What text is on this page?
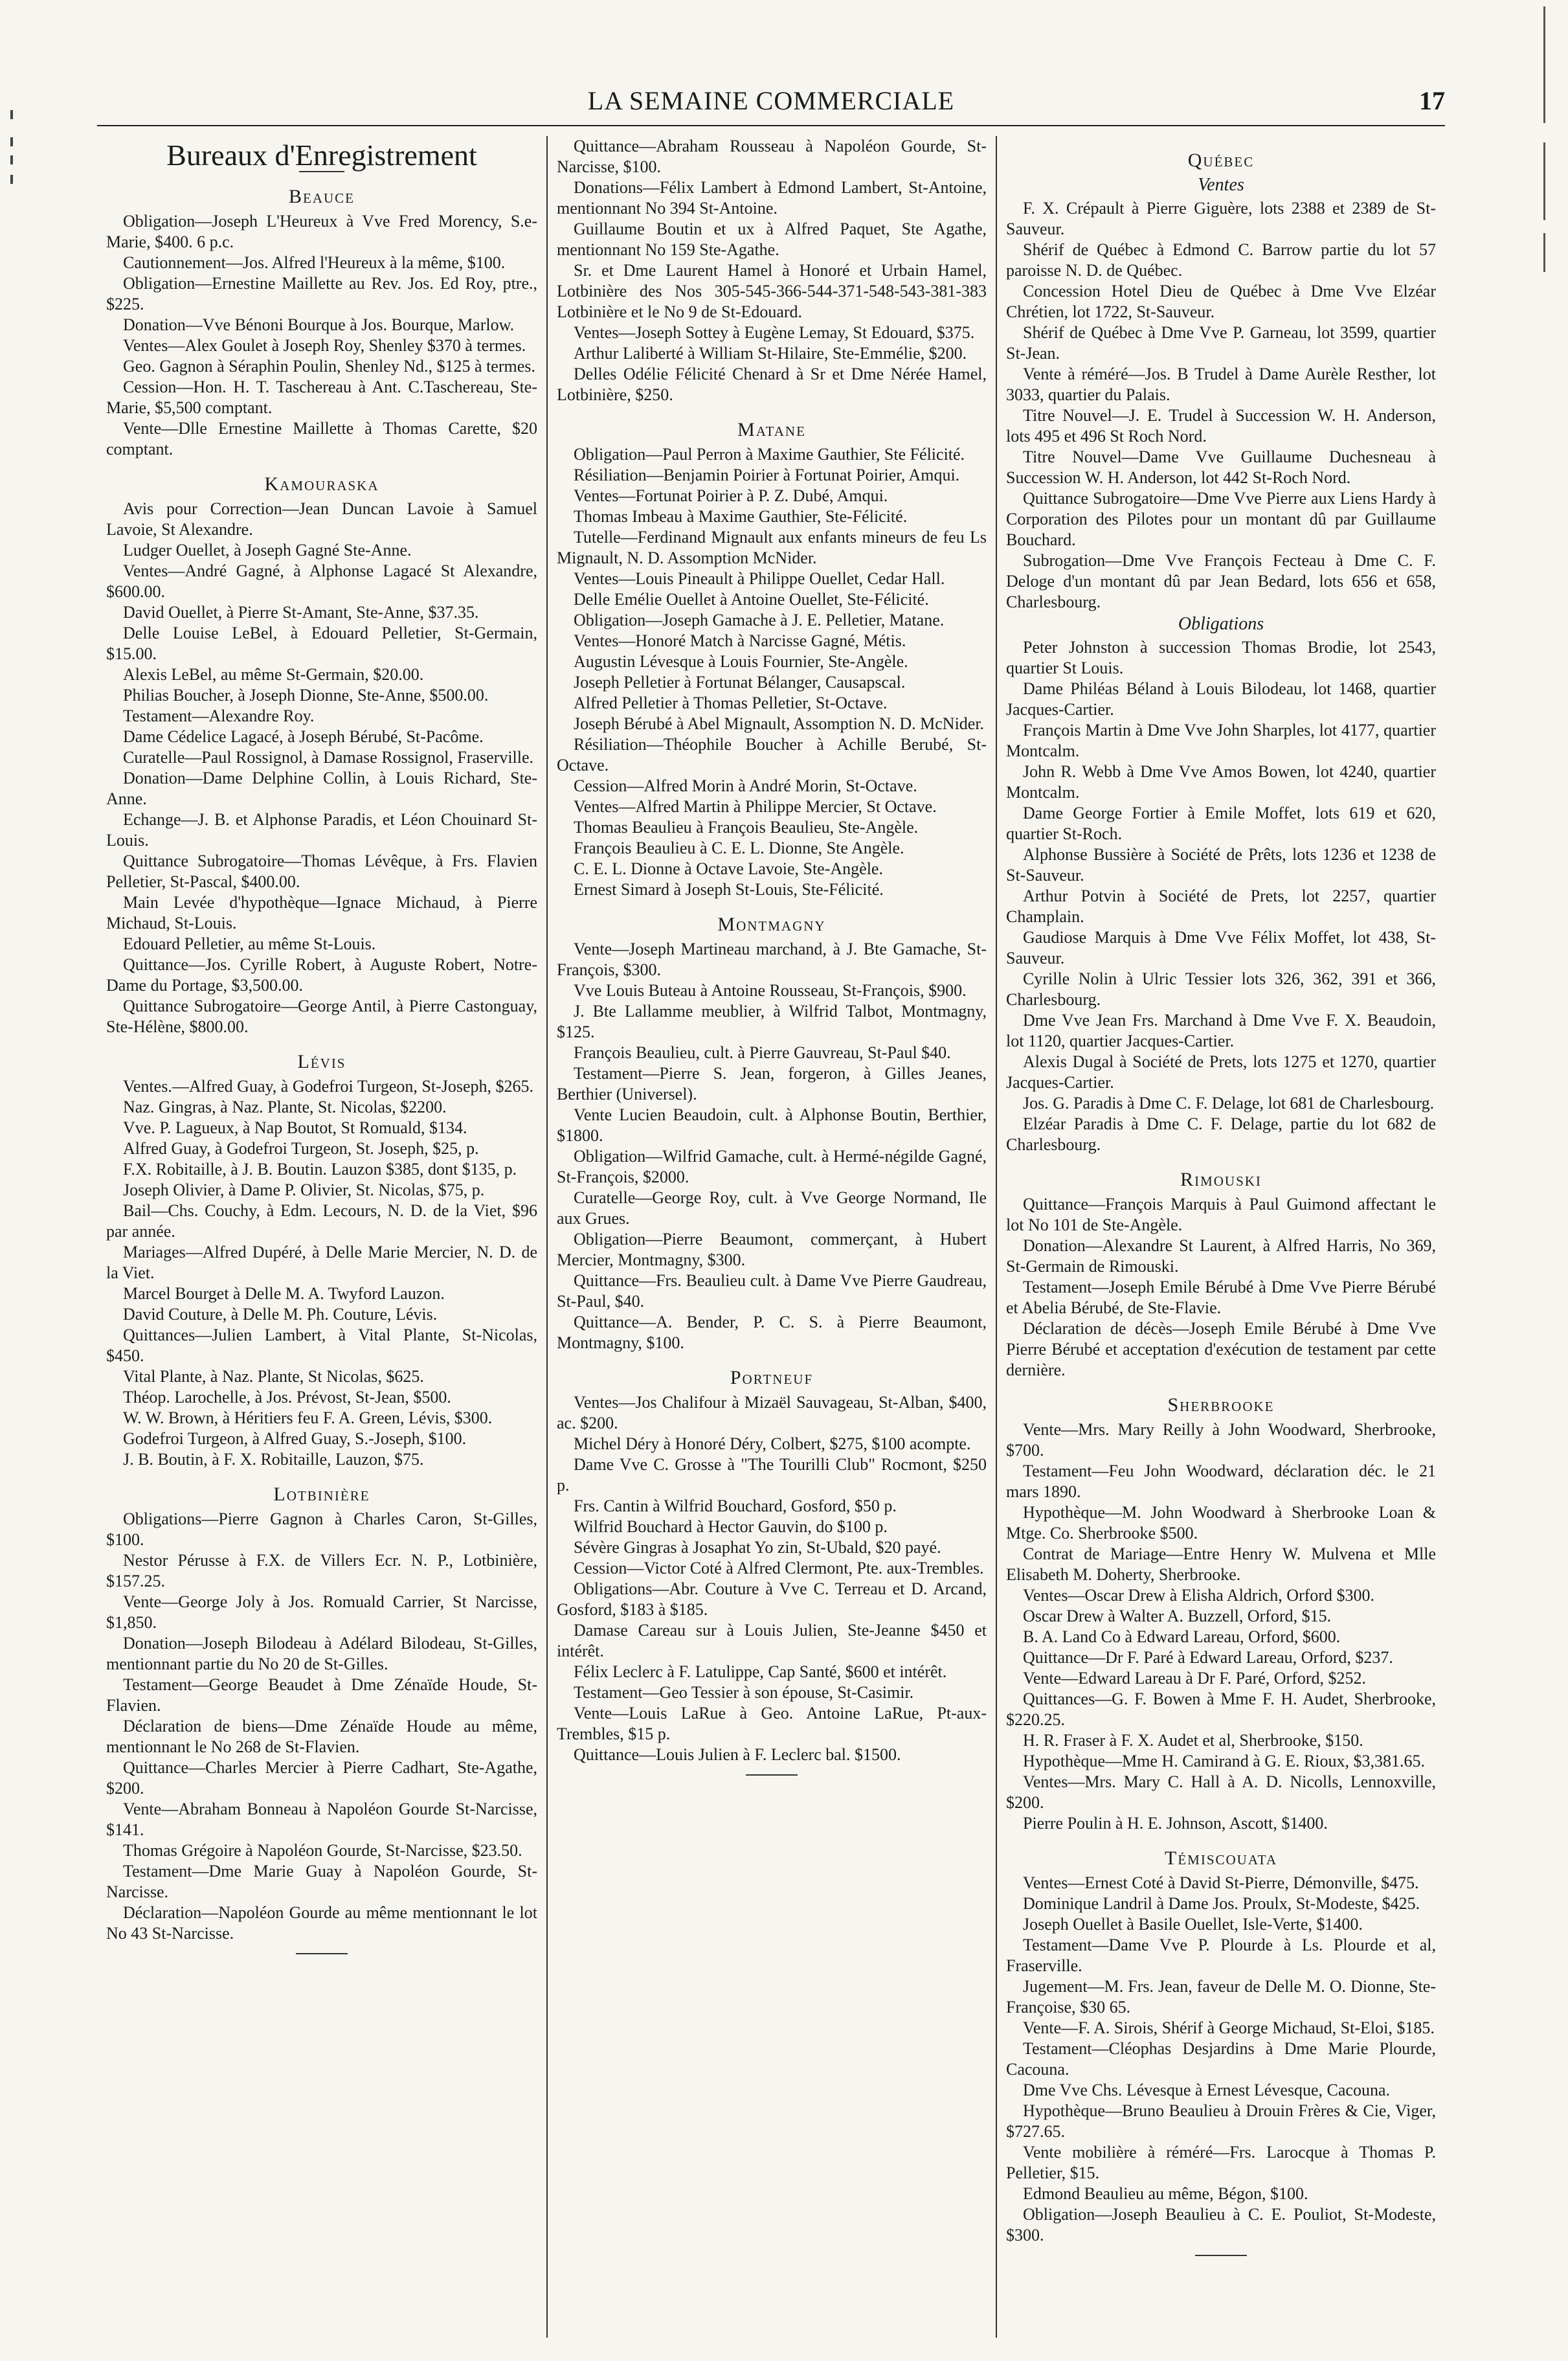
LA SEMAINE COMMERCIALE	17
Bureaux d'Enregistrement
Beauce

Obligation—Joseph L'Heureux à Vve Fred Morency, S.e-Marie, $400. 6 p.c.

Cautionnement—Jos. Alfred l'Heureux à la même, $100.

Obligation—Ernestine Maillette au Rev. Jos. Ed Roy, ptre., $225.

Donation—Vve Bénoni Bourque à Jos. Bourque, Marlow.

Ventes—Alex Goulet à Joseph Roy, Shenley $370 à termes.

Geo. Gagnon à Séraphin Poulin, Shenley Nd., $125 à termes.

Cession—Hon. H. T. Taschereau à Ant. C.Taschereau, Ste-Marie, $5,500 comptant.

Vente—Dlle Ernestine Maillette à Thomas Carette, $20 comptant.

Kamouraska

Avis pour Correction—Jean Duncan Lavoie à Samuel Lavoie, St Alexandre.

Ludger Ouellet, à Joseph Gagné Ste-Anne.

Ventes—André Gagné, à Alphonse Lagacé St Alexandre, $600.00.

David Ouellet, à Pierre St-Amant, Ste-Anne, $37.35.

Delle Louise LeBel, à Edouard Pelletier, St-Germain, $15.00.

Alexis LeBel, au même St-Germain, $20.00.

Philias Boucher, à Joseph Dionne, Ste-Anne, $500.00.

Testament—Alexandre Roy.

Dame Cédelice Lagacé, à Joseph Bérubé, St-Pacôme.

Curatelle—Paul Rossignol, à Damase Rossignol, Fraserville.

Donation—Dame Delphine Collin, à Louis Richard, Ste-Anne.

Echange—J. B. et Alphonse Paradis, et Léon Chouinard St-Louis.

Quittance Subrogatoire—Thomas Lévêque, à Frs. Flavien Pelletier, St-Pascal, $400.00.

Main Levée d'hypothèque—Ignace Michaud, à Pierre Michaud, St-Louis.

Edouard Pelletier, au même St-Louis.

Quittance—Jos. Cyrille Robert, à Auguste Robert, Notre-Dame du Portage, $3,500.00.

Quittance Subrogatoire—George Antil, à Pierre Castonguay, Ste-Hélène, $800.00.

Lévis

Ventes.—Alfred Guay, à Godefroi Turgeon, St-Joseph, $265.

Naz. Gingras, à Naz. Plante, St. Nicolas, $2200.

Vve. P. Lagueux, à Nap Boutot, St Romuald, $134.

Alfred Guay, à Godefroi Turgeon, St. Joseph, $25, p.

F.X. Robitaille, à J. B. Boutin. Lauzon $385, dont $135, p.

Joseph Olivier, à Dame P. Olivier, St. Nicolas, $75, p.

Bail—Chs. Couchy, à Edm. Lecours, N. D. de la Viet, $96 par année.

Mariages—Alfred Dupéré, à Delle Marie Mercier, N. D. de la Viet.

Marcel Bourget à Delle M. A. Twyford Lauzon.

David Couture, à Delle M. Ph. Couture, Lévis.

Quittances—Julien Lambert, à Vital Plante, St-Nicolas, $450.

Vital Plante, à Naz. Plante, St Nicolas, $625.

Théop. Larochelle, à Jos. Prévost, St-Jean, $500.

W. W. Brown, à Héritiers feu F. A. Green, Lévis, $300.

Godefroi Turgeon, à Alfred Guay, S.-Joseph, $100.

J. B. Boutin, à F. X. Robitaille, Lauzon, $75.

Lotbinière

Obligations—Pierre Gagnon à Charles Caron, St-Gilles, $100.

Nestor Pérusse à F.X. de Villers Ecr. N. P., Lotbinière, $157.25.

Vente—George Joly à Jos. Romuald Carrier, St Narcisse, $1,850.

Donation—Joseph Bilodeau à Adélard Bilodeau, St-Gilles, mentionnant partie du No 20 de St-Gilles.

Testament—George Beaudet à Dme Zénaïde Houde, St-Flavien.

Déclaration de biens—Dme Zénaïde Houde au même, mentionnant le No 268 de St-Flavien.

Quittance—Charles Mercier à Pierre Cadhart, Ste-Agathe, $200.

Vente—Abraham Bonneau à Napoléon Gourde St-Narcisse, $141.

Thomas Grégoire à Napoléon Gourde, St-Narcisse, $23.50.

Testament—Dme Marie Guay à Napoléon Gourde, St-Narcisse.

Déclaration—Napoléon Gourde au même mentionnant le lot No 43 St-Narcisse.

Quittance—Abraham Rousseau à Napoléon Gourde, St-Narcisse, $100.

Donations—Félix Lambert à Edmond Lambert, St-Antoine, mentionnant No 394 St-Antoine.

Guillaume Boutin et ux à Alfred Paquet, Ste Agathe, mentionnant No 159 Ste-Agathe.

Sr. et Dme Laurent Hamel à Honoré et Urbain Hamel, Lotbinière des Nos 305-545-366-544-371-548-543-381-383 Lotbinière et le No 9 de St-Edouard.

Ventes—Joseph Sottey à Eugène Lemay, St Edouard, $375.

Arthur Laliberté à William St-Hilaire, Ste-Emmélie, $200.

Delles Odélie Félicité Chenard à Sr et Dme Nérée Hamel, Lotbinière, $250.

Matane

Obligation—Paul Perron à Maxime Gauthier, Ste Félicité.

Résiliation—Benjamin Poirier à Fortunat Poirier, Amqui.

Ventes—Fortunat Poirier à P. Z. Dubé, Amqui.

Thomas Imbeau à Maxime Gauthier, Ste-Félicité.

Tutelle—Ferdinand Mignault aux enfants mineurs de feu Ls Mignault, N. D. Assomption McNider.

Ventes—Louis Pineault à Philippe Ouellet, Cedar Hall.

Delle Emélie Ouellet à Antoine Ouellet, Ste-Félicité.

Obligation—Joseph Gamache à J. E. Pelletier, Matane.

Ventes—Honoré Match à Narcisse Gagné, Métis.

Augustin Lévesque à Louis Fournier, Ste-Angèle.

Joseph Pelletier à Fortunat Bélanger, Causapscal.

Alfred Pelletier à Thomas Pelletier, St-Octave.

Joseph Bérubé à Abel Mignault, Assomption N. D. McNider.

Résiliation—Théophile Boucher à Achille Berubé, St-Octave.

Cession—Alfred Morin à André Morin, St-Octave.

Ventes—Alfred Martin à Philippe Mercier, St Octave.

Thomas Beaulieu à François Beaulieu, Ste-Angèle.

François Beaulieu à C. E. L. Dionne, Ste Angèle.

C. E. L. Dionne à Octave Lavoie, Ste-Angèle.

Ernest Simard à Joseph St-Louis, Ste-Félicité.

Montmagny

Vente—Joseph Martineau marchand, à J. Bte Gamache, St-François, $300.

Vve Louis Buteau à Antoine Rousseau, St-François, $900.

J. Bte Lallamme meublier, à Wilfrid Talbot, Montmagny, $125.

François Beaulieu, cult. à Pierre Gauvreau, St-Paul $40.

Testament—Pierre S. Jean, forgeron, à Gilles Jeanes, Berthier (Universel).

Vente Lucien Beaudoin, cult. à Alphonse Boutin, Berthier, $1800.

Obligation—Wilfrid Gamache, cult. à Hermé-négilde Gagné, St-François, $2000.

Curatelle—George Roy, cult. à Vve George Normand, Ile aux Grues.

Obligation—Pierre Beaumont, commerçant, à Hubert Mercier, Montmagny, $300.

Quittance—Frs. Beaulieu cult. à Dame Vve Pierre Gaudreau, St-Paul, $40.

Quittance—A. Bender, P. C. S. à Pierre Beaumont, Montmagny, $100.

Portneuf

Ventes—Jos Chalifour à Mizaël Sauvageau, St-Alban, $400, ac. $200.

Michel Déry à Honoré Déry, Colbert, $275, $100 acompte.

Dame Vve C. Grosse à "The Tourilli Club" Rocmont, $250 p.

Frs. Cantin à Wilfrid Bouchard, Gosford, $50 p.

Wilfrid Bouchard à Hector Gauvin, do $100 p.

Sévère Gingras à Josaphat Yo zin, St-Ubald, $20 payé.

Cession—Victor Coté à Alfred Clermont, Pte. aux-Trembles.

Obligations—Abr. Couture à Vve C. Terreau et D. Arcand, Gosford, $183 à $185.

Damase Careau sur à Louis Julien, Ste-Jeanne $450 et intérêt.

Félix Leclerc à F. Latulippe, Cap Santé, $600 et intérêt.

Testament—Geo Tessier à son épouse, St-Casimir.

Vente—Louis LaRue à Geo. Antoine LaRue, Pt-aux-Trembles, $15 p.

Quittance—Louis Julien à F. Leclerc bal. $1500.

Québec
Ventes

F. X. Crépault à Pierre Giguère, lots 2388 et 2389 de St-Sauveur.

Shérif de Québec à Edmond C. Barrow partie du lot 57 paroisse N. D. de Québec.

Concession Hotel Dieu de Québec à Dme Vve Elzéar Chrétien, lot 1722, St-Sauveur.

Shérif de Québec à Dme Vve P. Garneau, lot 3599, quartier St-Jean.

Vente à réméré—Jos. B Trudel à Dame Aurèle Resther, lot 3033, quartier du Palais.

Titre Nouvel—J. E. Trudel à Succession W. H. Anderson, lots 495 et 496 St Roch Nord.

Titre Nouvel—Dame Vve Guillaume Duchesneau à Succession W. H. Anderson, lot 442 St-Roch Nord.

Quittance Subrogatoire—Dme Vve Pierre aux Liens Hardy à Corporation des Pilotes pour un montant dû par Guillaume Bouchard.

Subrogation—Dme Vve François Fecteau à Dme C. F. Deloge d'un montant dû par Jean Bedard, lots 656 et 658, Charlesbourg.

Obligations

Peter Johnston à succession Thomas Brodie, lot 2543, quartier St Louis.

Dame Philéas Béland à Louis Bilodeau, lot 1468, quartier Jacques-Cartier.

François Martin à Dme Vve John Sharples, lot 4177, quartier Montcalm.

John R. Webb à Dme Vve Amos Bowen, lot 4240, quartier Montcalm.

Dame George Fortier à Emile Moffet, lots 619 et 620, quartier St-Roch.

Alphonse Bussière à Société de Prêts, lots 1236 et 1238 de St-Sauveur.

Arthur Potvin à Société de Prets, lot 2257, quartier Champlain.

Gaudiose Marquis à Dme Vve Félix Moffet, lot 438, St-Sauveur.

Cyrille Nolin à Ulric Tessier lots 326, 362, 391 et 366, Charlesbourg.

Dme Vve Jean Frs. Marchand à Dme Vve F. X. Beaudoin, lot 1120, quartier Jacques-Cartier.

Alexis Dugal à Société de Prets, lots 1275 et 1270, quartier Jacques-Cartier.

Jos. G. Paradis à Dme C. F. Delage, lot 681 de Charlesbourg.

Elzéar Paradis à Dme C. F. Delage, partie du lot 682 de Charlesbourg.

Rimouski

Quittance—François Marquis à Paul Guimond affectant le lot No 101 de Ste-Angèle.

Donation—Alexandre St Laurent, à Alfred Harris, No 369, St-Germain de Rimouski.

Testament—Joseph Emile Bérubé à Dme Vve Pierre Bérubé et Abelia Bérubé, de Ste-Flavie.

Déclaration de décès—Joseph Emile Bérubé à Dme Vve Pierre Bérubé et acceptation d'exécution de testament par cette dernière.

Sherbrooke

Vente—Mrs. Mary Reilly à John Woodward, Sherbrooke, $700.

Testament—Feu John Woodward, déclaration déc. le 21 mars 1890.

Hypothèque—M. John Woodward à Sherbrooke Loan & Mtge. Co. Sherbrooke $500.

Contrat de Mariage—Entre Henry W. Mulvena et Mlle Elisabeth M. Doherty, Sherbrooke.

Ventes—Oscar Drew à Elisha Aldrich, Orford $300.

Oscar Drew à Walter A. Buzzell, Orford, $15.

B. A. Land Co à Edward Lareau, Orford, $600.

Quittance—Dr F. Paré à Edward Lareau, Orford, $237.

Vente—Edward Lareau à Dr F. Paré, Orford, $252.

Quittances—G. F. Bowen à Mme F. H. Audet, Sherbrooke, $220.25.

H. R. Fraser à F. X. Audet et al, Sherbrooke, $150.

Hypothèque—Mme H. Camirand à G. E. Rioux, $3,381.65.

Ventes—Mrs. Mary C. Hall à A. D. Nicolls, Lennoxville, $200.

Pierre Poulin à H. E. Johnson, Ascott, $1400.

Témiscouata

Ventes—Ernest Coté à David St-Pierre, Démonville, $475.

Dominique Landril à Dame Jos. Proulx, St-Modeste, $425.

Joseph Ouellet à Basile Ouellet, Isle-Verte, $1400.

Testament—Dame Vve P. Plourde à Ls. Plourde et al, Fraserville.

Jugement—M. Frs. Jean, faveur de Delle M. O. Dionne, Ste-Françoise, $30 65.

Vente—F. A. Sirois, Shérif à George Michaud, St-Eloi, $185.

Testament—Cléophas Desjardins à Dme Marie Plourde, Cacouna.

Dme Vve Chs. Lévesque à Ernest Lévesque, Cacouna.

Hypothèque—Bruno Beaulieu à Drouin Frères & Cie, Viger, $727.65.

Vente mobilière à réméré—Frs. Larocque à Thomas P. Pelletier, $15.

Edmond Beaulieu au même, Bégon, $100.

Obligation—Joseph Beaulieu à C. E. Pouliot, St-Modeste, $300.
